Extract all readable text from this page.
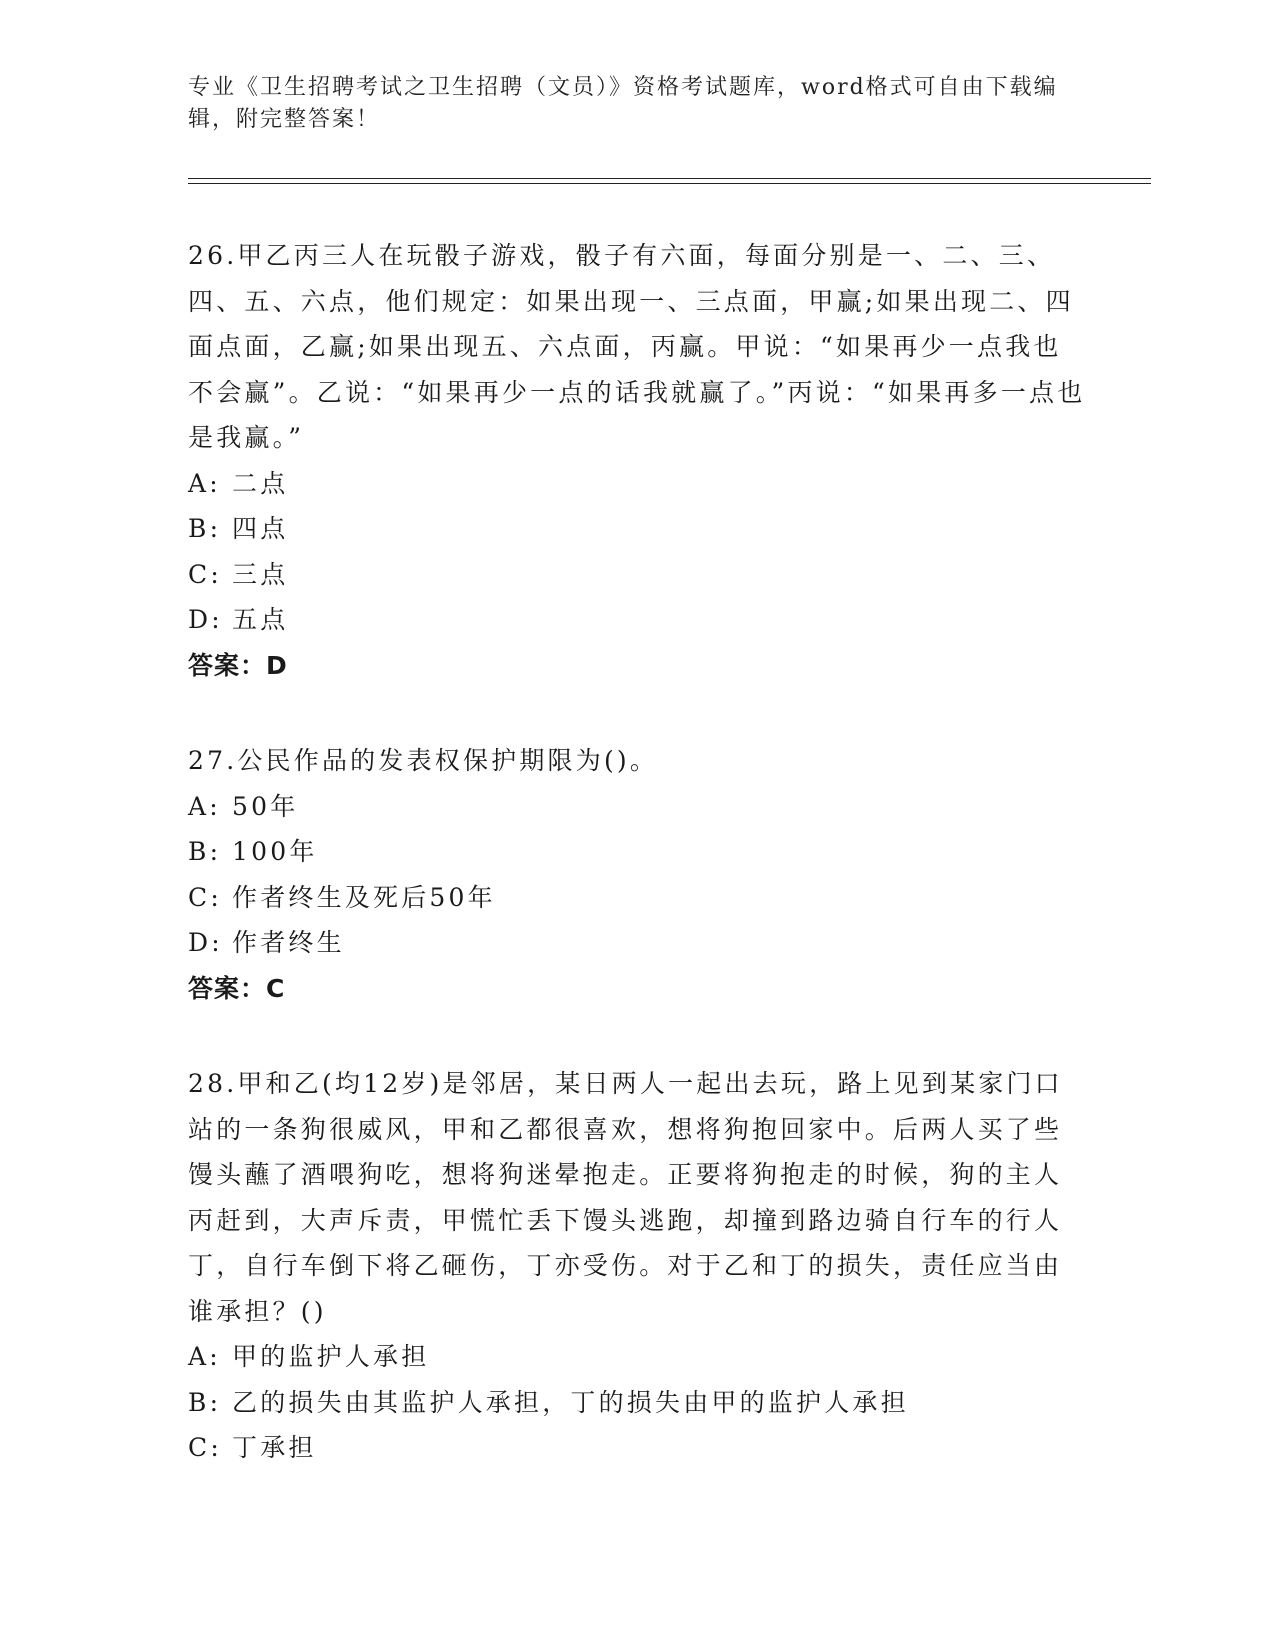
专业《卫生招聘考试之卫生招聘（文员）》资格考试题库，word格式可自由下载编辑，附完整答案！

26.甲乙丙三人在玩骰子游戏，骰子有六面，每面分别是一、二、三、四、五、六点，他们规定：如果出现一、三点面，甲赢;如果出现二、四面点面，乙赢;如果出现五、六点面，丙赢。甲说：“如果再少一点我也不会赢”。乙说：“如果再少一点的话我就赢了。”丙说：“如果再多一点也是我赢。”

A: 二点

B: 四点

C: 三点

D: 五点

答案：D

27.公民作品的发表权保护期限为()。

A: 50年

B: 100年

C: 作者终生及死后50年

D: 作者终生

答案：C

28.甲和乙(均12岁)是邻居，某日两人一起出去玩，路上见到某家门口站的一条狗很威风，甲和乙都很喜欢，想将狗抱回家中。后两人买了些馒头蘸了酒喂狗吃，想将狗迷晕抱走。正要将狗抱走的时候，狗的主人丙赶到，大声斥责，甲慌忙丢下馒头逃跑，却撞到路边骑自行车的行人丁，自行车倒下将乙砸伤，丁亦受伤。对于乙和丁的损失，责任应当由谁承担？()

A: 甲的监护人承担

B: 乙的损失由其监护人承担，丁的损失由甲的监护人承担

C: 丁承担
